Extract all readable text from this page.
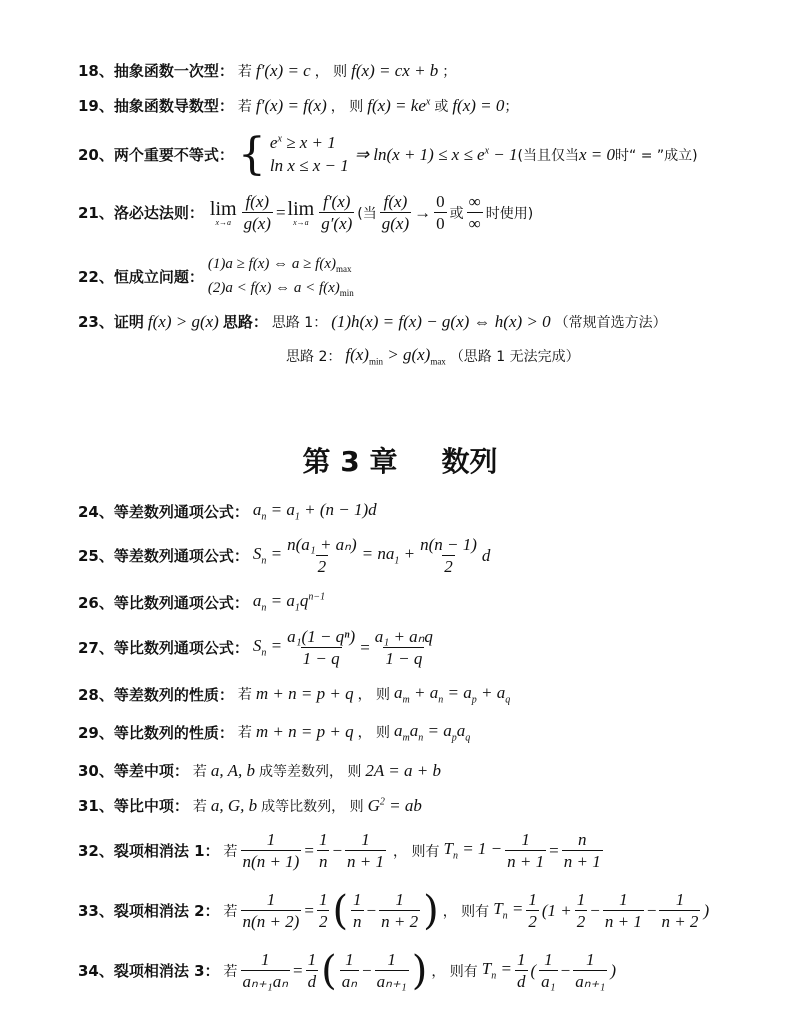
18、 抽象函数一次型： 若 f′(x) = c ， 则 f(x) = cx + b ；
19、 抽象函数导数型： 若 f′(x) = f(x) ， 则 $f(x) = ke^x$ 或 f(x) = 0 ；
20、 两个重要不等式： { $e^x \ge x + 1$
ln x ≤ x − 1
⇒ $\ln(x + 1) \le x \le e^x - 1$ (当且仅当 x = 0 时“ = ”成立)
21、 洛必达法则： lim
$x\to a \frac{f(x)}{g(x)} = \lim$
$x\to a \frac{f'(x)}{g'(x)}$ (当 $\frac{f(x)}{g(x)} \to \frac{0}{0}$ 或 $\frac{\infty}{\infty}$ 时使用)
22、 恒成立问题：
(1)a ≥ f(x) ⇔ $a \ge f(x)_{max}$
(2)a < f(x) ⇔ $a < f(x)_{min}$
23、 证明 f(x) > g(x) 思路： 思路 1： (1)h(x) = f(x) − g(x) ⇔ h(x) > 0 （常规首选方法）
思路 2： $f(x)_{min} > g(x)_{max}$ （思路 1 无法完成）
第 3 章 数列
24、 等差数列通项公式： $a_n = a_1 + (n - 1)d$
25、 等差数列通项公式： $S_n = \frac{\text{n(a₁ + aₙ)}}{2} = na_1 + \frac{n(n - 1)}{2}$ d
26、 等比数列通项公式： $a_n = a_1q^{n-1}$
27、 等比数列通项公式： $S_n = \frac{\text{a₁(1 − qⁿ)}}{1 - q} = \frac{\text{a₁ + aₙq}}{1 - q}$
28、 等差数列的性质： 若 m + n = p + q ， 则 $a_m + a_n = a_p + a_q$
29、 等比数列的性质： 若 m + n = p + q ， 则 $a_ma_n = a_pa_q$
30、 等差中项： 若 a, A, b 成等差数列， 则 2A = a + b
31、 等比中项： 若 a, G, b 成等比数列， 则 $G^2$ = ab
32、 裂项相消法 1： 若 $\frac{1}{n(n + 1)} = \frac{1}{n} - \frac{1}{n + 1}$ ， 则有 $T_n = 1 - \frac{1}{n + 1} = \frac{n}{n + 1}$
33、 裂项相消法 2： 若 $\frac{1}{n(n + 2)} = \frac{1}{2}$ ( $\frac{1}{n} - \frac{1}{n + 2}$ ) ， 则有 $T_n = \frac{1}{2} (1 + \frac{1}{2} - \frac{1}{n + 1} - \frac{1}{n + 2}$ )
34、 裂项相消法 3： 若 $\frac{1}{\text{aₙ₊₁aₙ}} = \frac{1}{d}$ ( $\frac{1}{\text{aₙ}} - \frac{1}{\text{aₙ₊₁}}$ ) ， 则有 $T_n = \frac{1}{d}$ ( $\frac{1}{\text{a₁}} - \frac{1}{\text{aₙ₊₁}}$ )
